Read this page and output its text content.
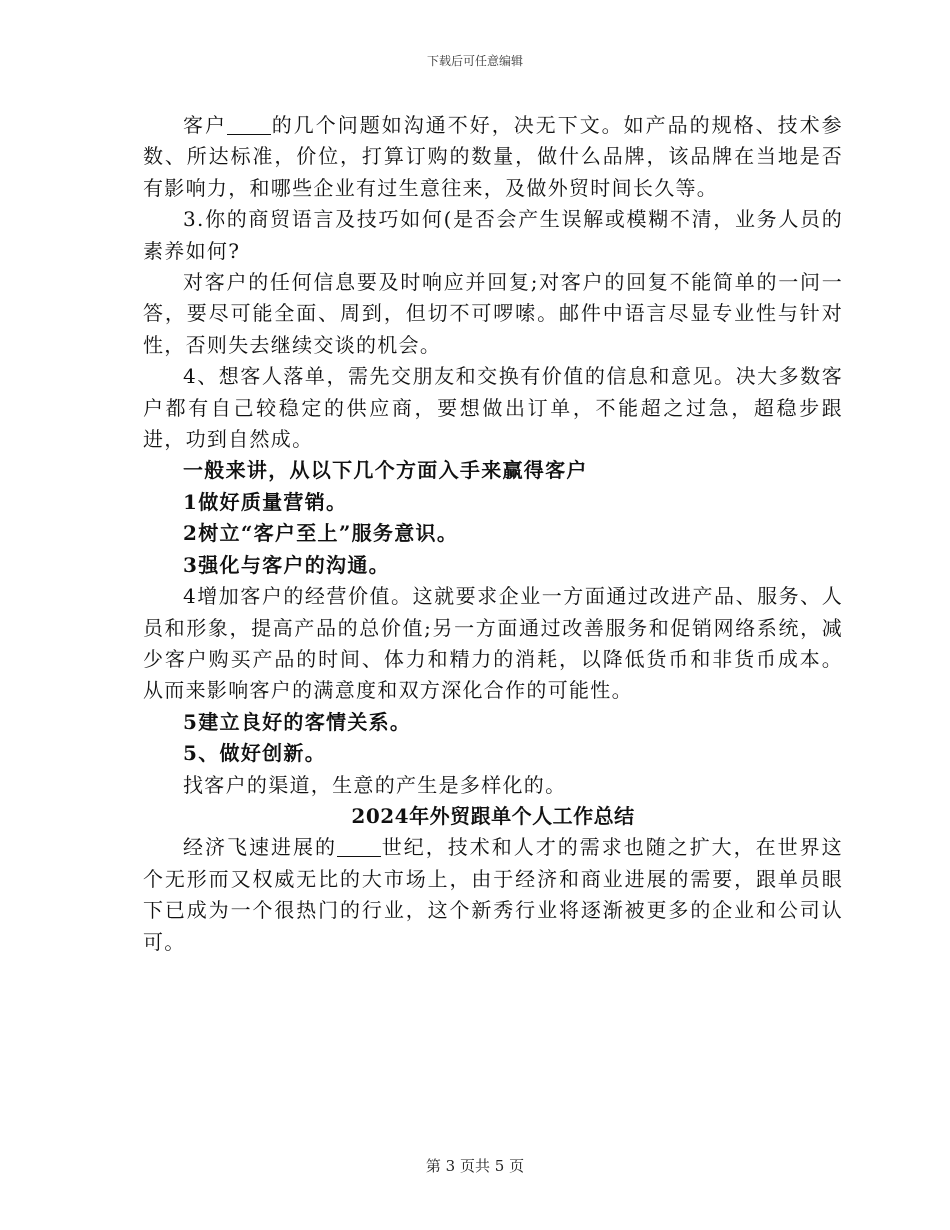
下载后可任意编辑

客户 的几个问题如沟通不好，决无下文。如产品的规格、技术参数、所达标准，价位，打算订购的数量，做什么品牌，该品牌在当地是否有影响力，和哪些企业有过生意往来，及做外贸时间长久等。

3.你的商贸语言及技巧如何(是否会产生误解或模糊不清，业务人员的素养如何?

对客户的任何信息要及时响应并回复;对客户的回复不能简单的一问一答，要尽可能全面、周到，但切不可啰嗦。邮件中语言尽显专业性与针对性，否则失去继续交谈的机会。

4、想客人落单，需先交朋友和交换有价值的信息和意见。决大多数客户都有自己较稳定的供应商，要想做出订单，不能超之过急，超稳步跟进，功到自然成。

一般来讲，从以下几个方面入手来赢得客户

1做好质量营销。

2树立“客户至上”服务意识。

3强化与客户的沟通。

4增加客户的经营价值。这就要求企业一方面通过改进产品、服务、人员和形象，提高产品的总价值;另一方面通过改善服务和促销网络系统，减少客户购买产品的时间、体力和精力的消耗，以降低货币和非货币成本。从而来影响客户的满意度和双方深化合作的可能性。

5建立良好的客情关系。

5、做好创新。

找客户的渠道，生意的产生是多样化的。

2024年外贸跟单个人工作总结

经济飞速进展的 世纪，技术和人才的需求也随之扩大，在世界这个无形而又权威无比的大市场上，由于经济和商业进展的需要，跟单员眼下已成为一个很热门的行业，这个新秀行业将逐渐被更多的企业和公司认可。

第 3 页共 5 页
